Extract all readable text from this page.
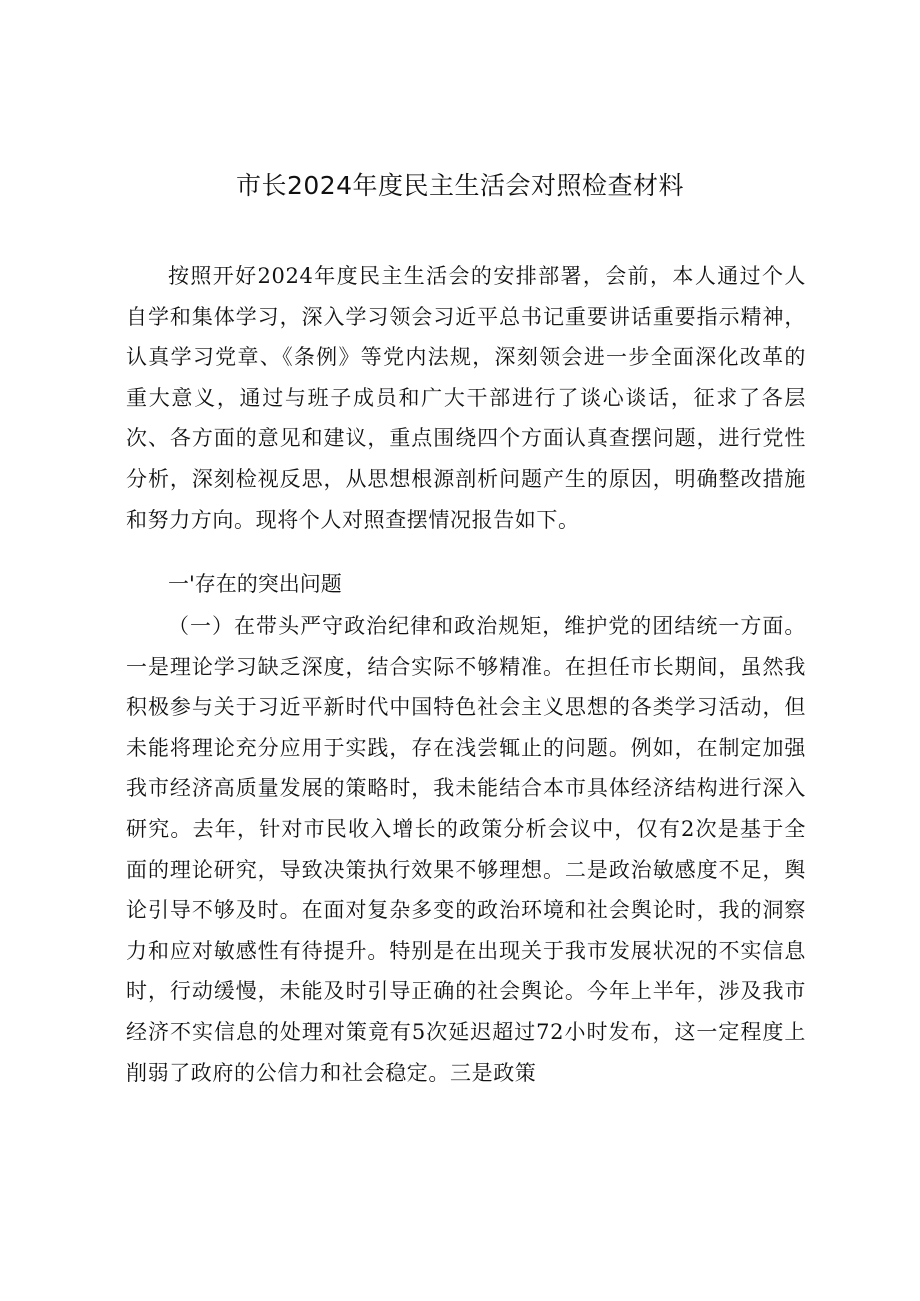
市长2024年度民主生活会对照检查材料

按照开好2024年度民主生活会的安排部署，会前，本人通过个人自学和集体学习，深入学习领会习近平总书记重要讲话重要指示精神，认真学习党章、《条例》等党内法规，深刻领会进一步全面深化改革的重大意义，通过与班子成员和广大干部进行了谈心谈话，征求了各层次、各方面的意见和建议，重点围绕四个方面认真查摆问题，进行党性分析，深刻检视反思，从思想根源剖析问题产生的原因，明确整改措施和努力方向。现将个人对照查摆情况报告如下。

一'存在的突出问题

（一）在带头严守政治纪律和政治规矩，维护党的团结统一方面。一是理论学习缺乏深度，结合实际不够精准。在担任市长期间，虽然我积极参与关于习近平新时代中国特色社会主义思想的各类学习活动，但未能将理论充分应用于实践，存在浅尝辄止的问题。例如，在制定加强我市经济高质量发展的策略时，我未能结合本市具体经济结构进行深入研究。去年，针对市民收入增长的政策分析会议中，仅有2次是基于全面的理论研究，导致决策执行效果不够理想。二是政治敏感度不足，舆论引导不够及时。在面对复杂多变的政治环境和社会舆论时，我的洞察力和应对敏感性有待提升。特别是在出现关于我市发展状况的不实信息时，行动缓慢，未能及时引导正确的社会舆论。今年上半年，涉及我市经济不实信息的处理对策竟有5次延迟超过72小时发布，这一定程度上削弱了政府的公信力和社会稳定。三是政策
